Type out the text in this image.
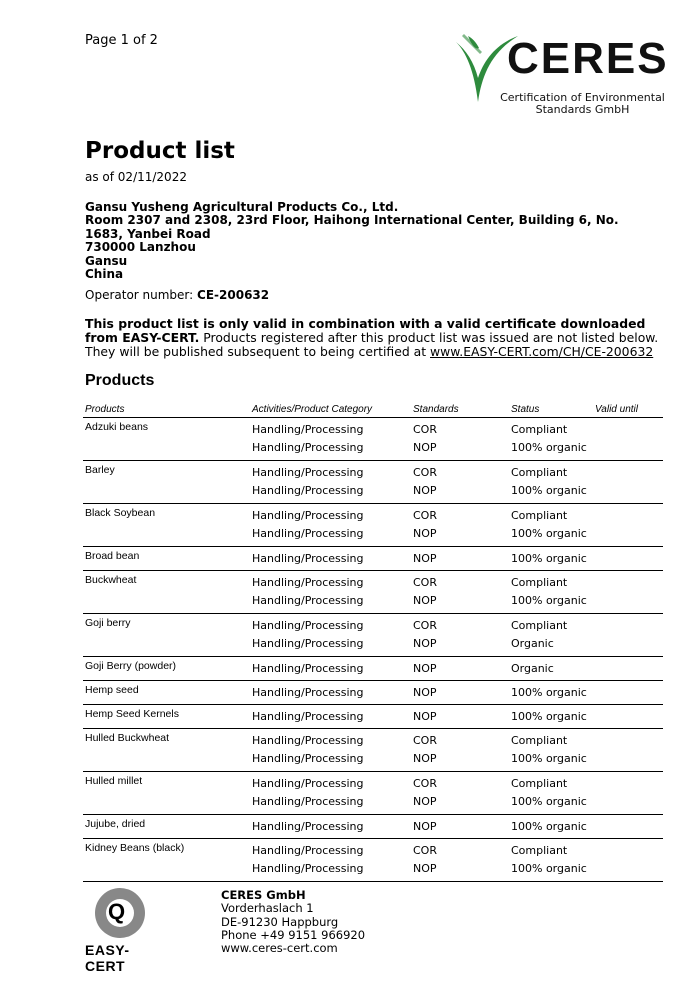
Page 1 of 2	CERES
Certification of Environmental
Standards GmbH
Product list
as of 02/11/2022
Gansu Yusheng Agricultural Products Co., Ltd.
Room 2307 and 2308, 23rd Floor, Haihong International Center, Building 6, No. 1683, Yanbei Road
730000 Lanzhou
Gansu
China
Operator number: CE-200632
This product list is only valid in combination with a valid certificate downloaded from EASY-CERT. Products registered after this product list was issued are not listed below.
They will be published subsequent to being certified at www.EASY-CERT.com/CH/CE-200632
Products
Products	Activities/Product Category	Standards	Status	Valid until
Adzuki beans	Handling/Processing	COR	Compliant	
	Handling/Processing	NOP	100% organic	
Barley	Handling/Processing	COR	Compliant	
	Handling/Processing	NOP	100% organic	
Black Soybean	Handling/Processing	COR	Compliant	
	Handling/Processing	NOP	100% organic	
Broad bean	Handling/Processing	NOP	100% organic	
Buckwheat	Handling/Processing	COR	Compliant	
	Handling/Processing	NOP	100% organic	
Goji berry	Handling/Processing	COR	Compliant	
	Handling/Processing	NOP	Organic	
Goji Berry (powder)	Handling/Processing	NOP	Organic	
Hemp seed	Handling/Processing	NOP	100% organic	
Hemp Seed Kernels	Handling/Processing	NOP	100% organic	
Hulled Buckwheat	Handling/Processing	COR	Compliant	
	Handling/Processing	NOP	100% organic	
Hulled millet	Handling/Processing	COR	Compliant	
	Handling/Processing	NOP	100% organic	
Jujube, dried	Handling/Processing	NOP	100% organic	
Kidney Beans (black)	Handling/Processing	COR	Compliant	
	Handling/Processing	NOP	100% organic	
Q
EASY-CERT
CERES GmbH
Vorderhaslach 1
DE-91230 Happburg
Phone +49 9151 966920
www.ceres-cert.com
